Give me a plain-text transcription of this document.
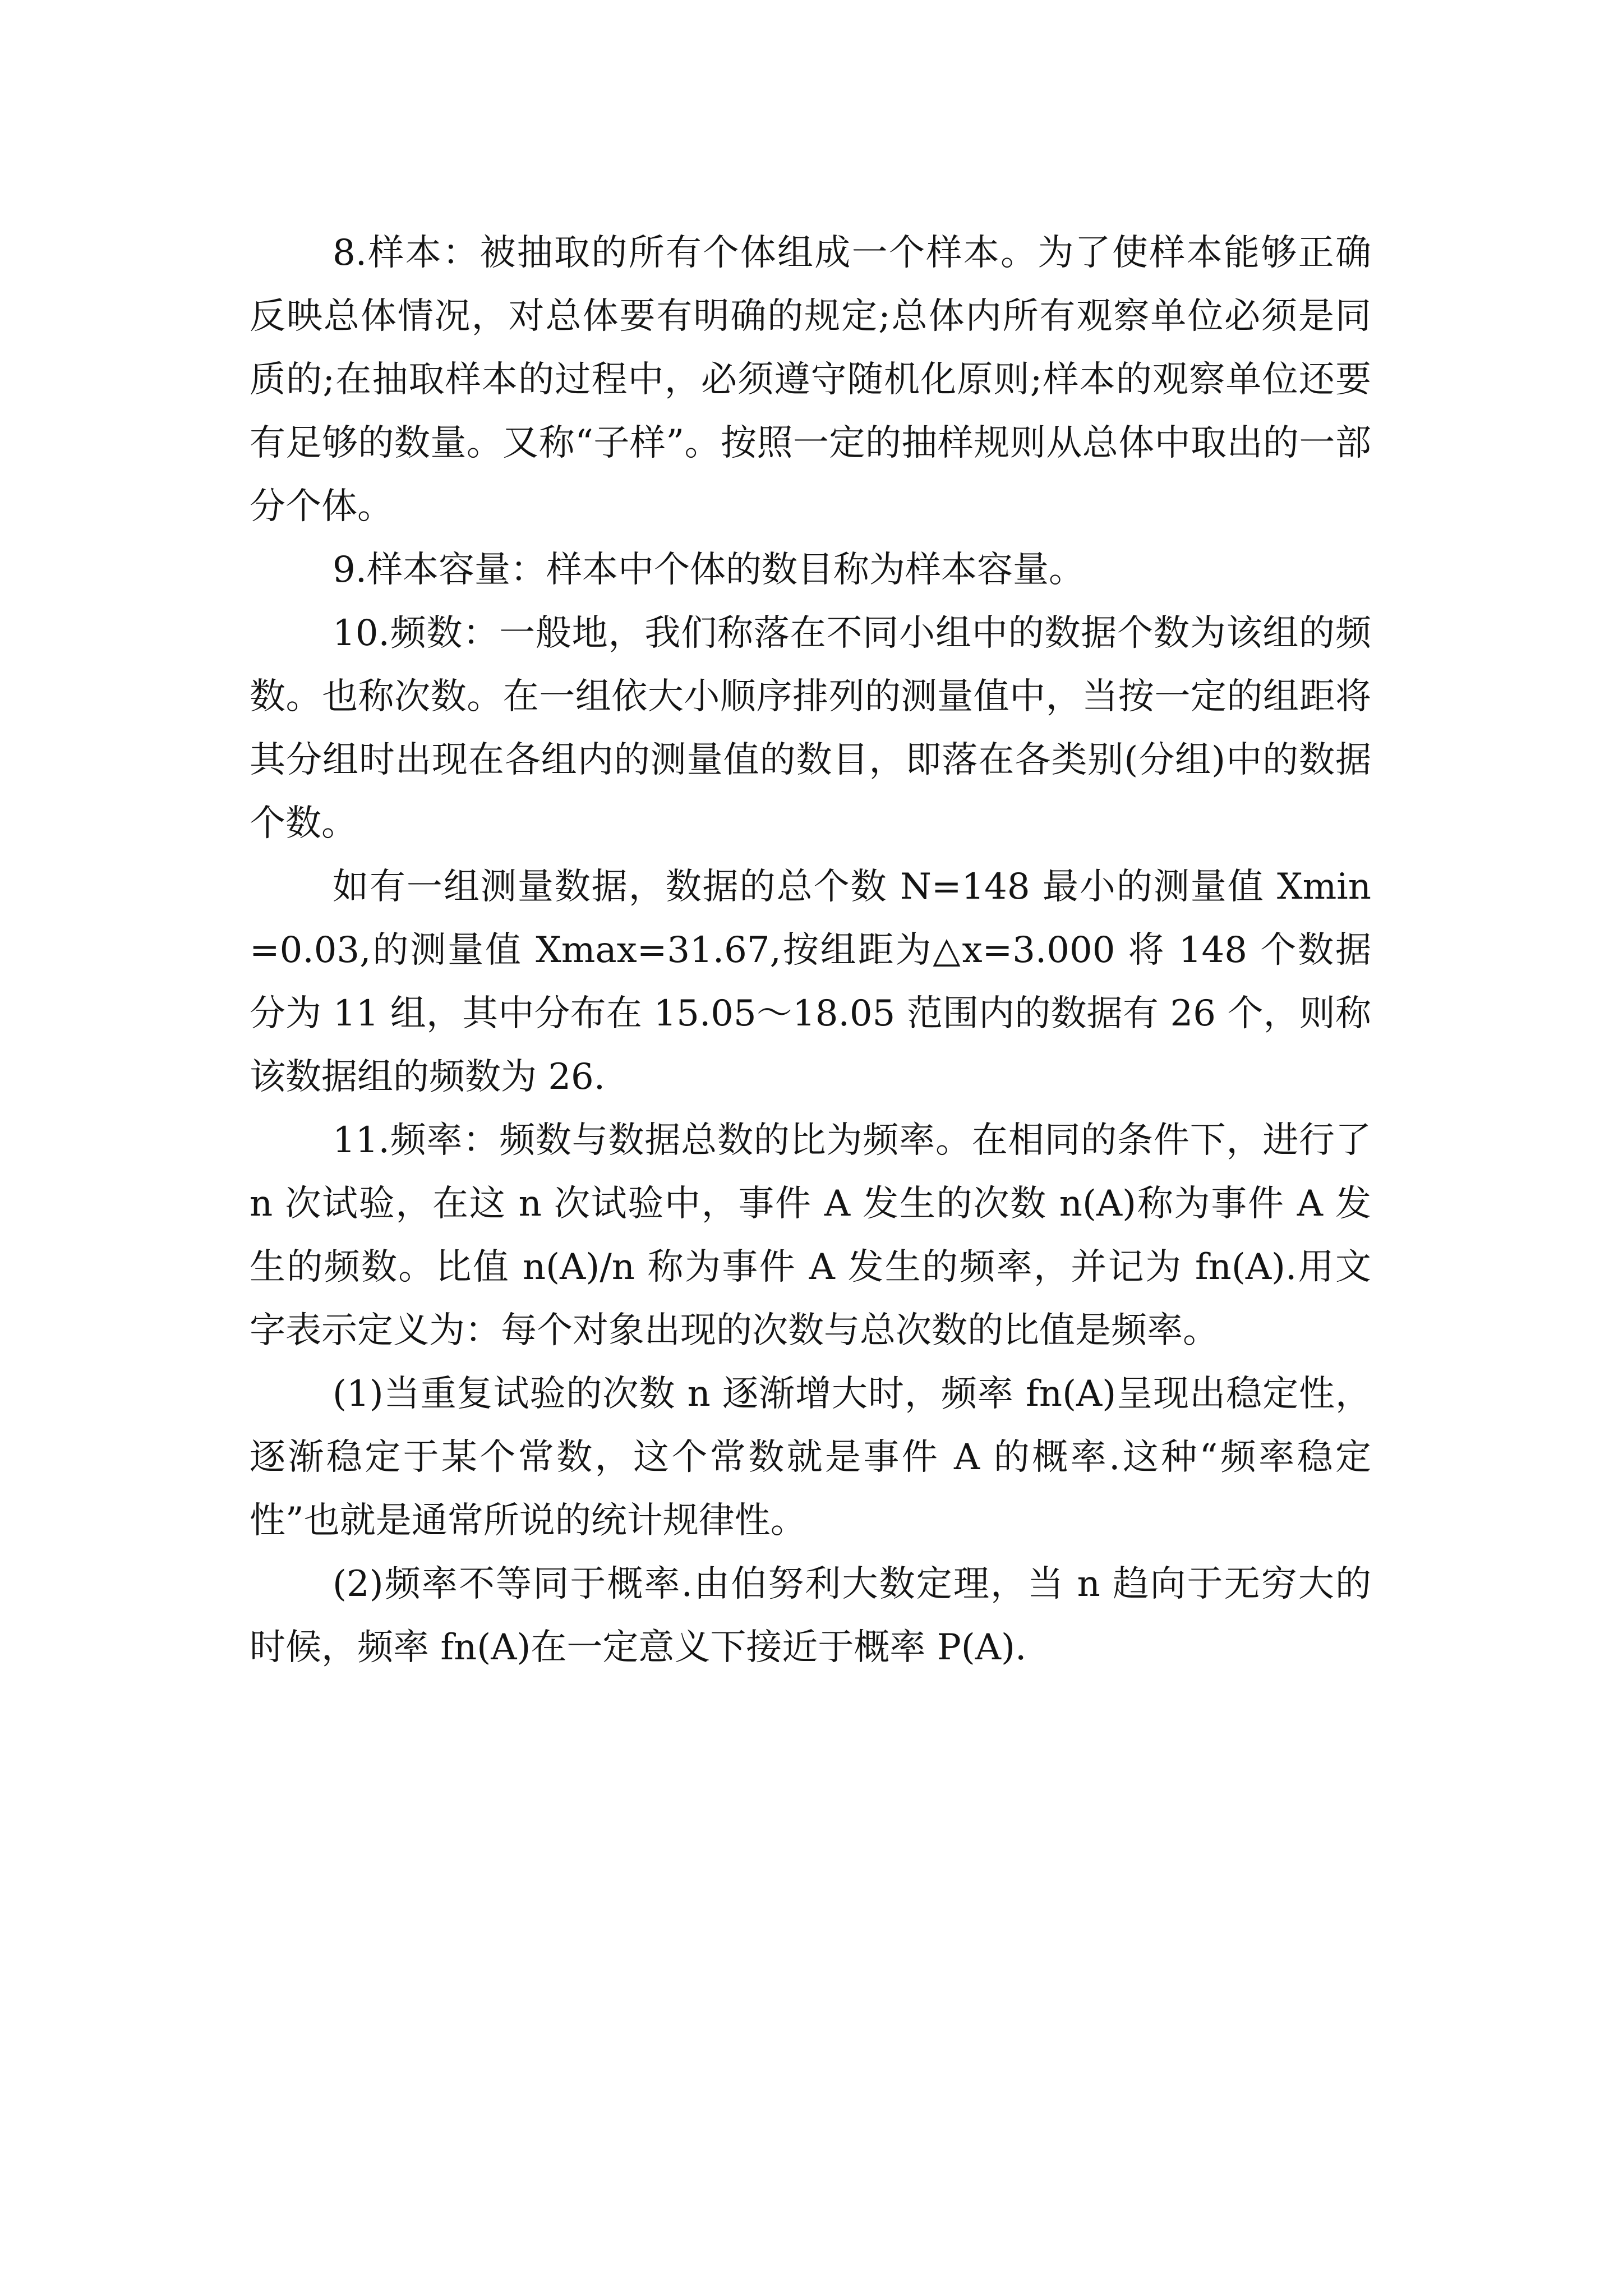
8.样本：被抽取的所有个体组成一个样本。为了使样本能够正确反映总体情况，对总体要有明确的规定;总体内所有观察单位必须是同质的;在抽取样本的过程中，必须遵守随机化原则;样本的观察单位还要有足够的数量。又称“子样”。按照一定的抽样规则从总体中取出的一部分个体。

9.样本容量：样本中个体的数目称为样本容量。

10.频数：一般地，我们称落在不同小组中的数据个数为该组的频数。也称次数。在一组依大小顺序排列的测量值中，当按一定的组距将其分组时出现在各组内的测量值的数目，即落在各类别(分组)中的数据个数。

如有一组测量数据，数据的总个数 N=148 最小的测量值 Xmin=0.03,的测量值 Xmax=31.67,按组距为△x=3.000 将 148 个数据分为 11 组，其中分布在 15.05～18.05 范围内的数据有 26 个，则称该数据组的频数为 26.

11.频率：频数与数据总数的比为频率。在相同的条件下，进行了 n 次试验，在这 n 次试验中，事件 A 发生的次数 n(A)称为事件 A 发生的频数。比值 n(A)/n 称为事件 A 发生的频率，并记为 fn(A).用文字表示定义为：每个对象出现的次数与总次数的比值是频率。

(1)当重复试验的次数 n 逐渐增大时，频率 fn(A)呈现出稳定性，逐渐稳定于某个常数，这个常数就是事件 A 的概率.这种“频率稳定性”也就是通常所说的统计规律性。

(2)频率不等同于概率.由伯努利大数定理，当 n 趋向于无穷大的时候，频率 fn(A)在一定意义下接近于概率 P(A).
